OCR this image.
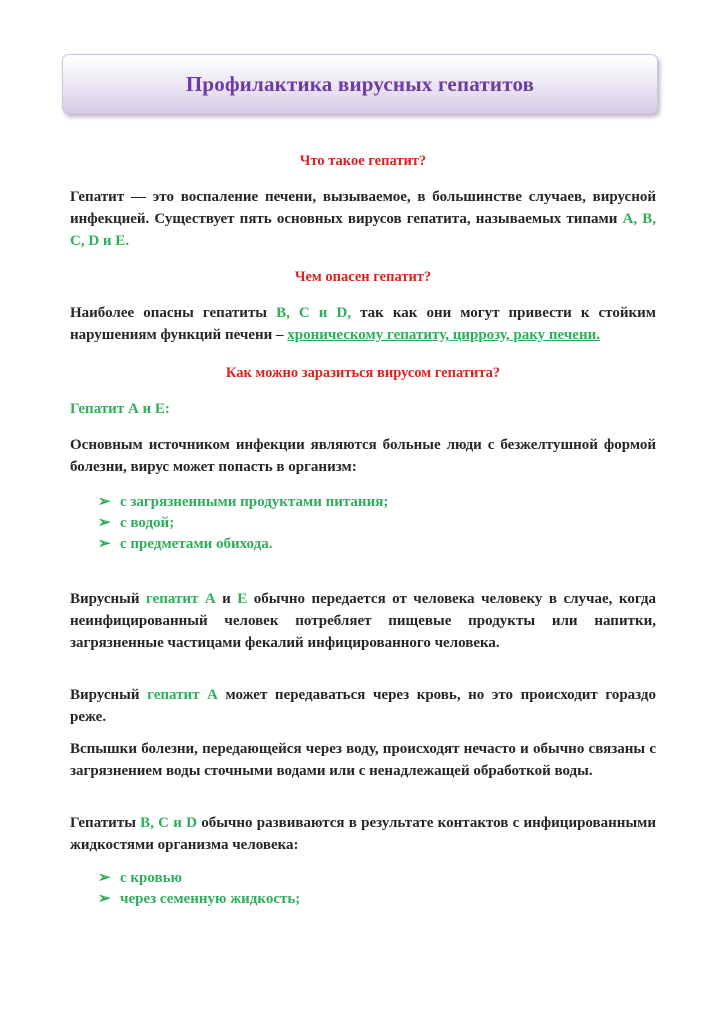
Профилактика вирусных гепатитов
Что такое гепатит?

Гепатит — это воспаление печени, вызываемое, в большинстве случаев, вирусной инфекцией. Существует пять основных вирусов гепатита, называемых типами A, B, C, D и E.

Чем опасен гепатит?

Наиболее опасны гепатиты B, C и D, так как они могут привести к стойким нарушениям функций печени – хроническому гепатиту, циррозу, раку печени.

Как можно заразиться вирусом гепатита?
Гепатит А и Е:

Основным источником инфекции являются больные люди с безжелтушной формой болезни, вирус может попасть в организм:

➢ с загрязненными продуктами питания;
➢ с водой;
➢ с предметами обихода.

Вирусный гепатит А и Е обычно передается от человека человеку в случае, когда неинфицированный человек потребляет пищевые продукты или напитки, загрязненные частицами фекалий инфицированного человека.

Вирусный гепатит А может передаваться через кровь, но это происходит гораздо реже.

Вспышки болезни, передающейся через воду, происходят нечасто и обычно связаны с загрязнением воды сточными водами или с ненадлежащей обработкой воды.

Гепатиты В, С и D обычно развиваются в результате контактов с инфицированными жидкостями организма человека:

➢ с кровью
➢ через семенную жидкость;
